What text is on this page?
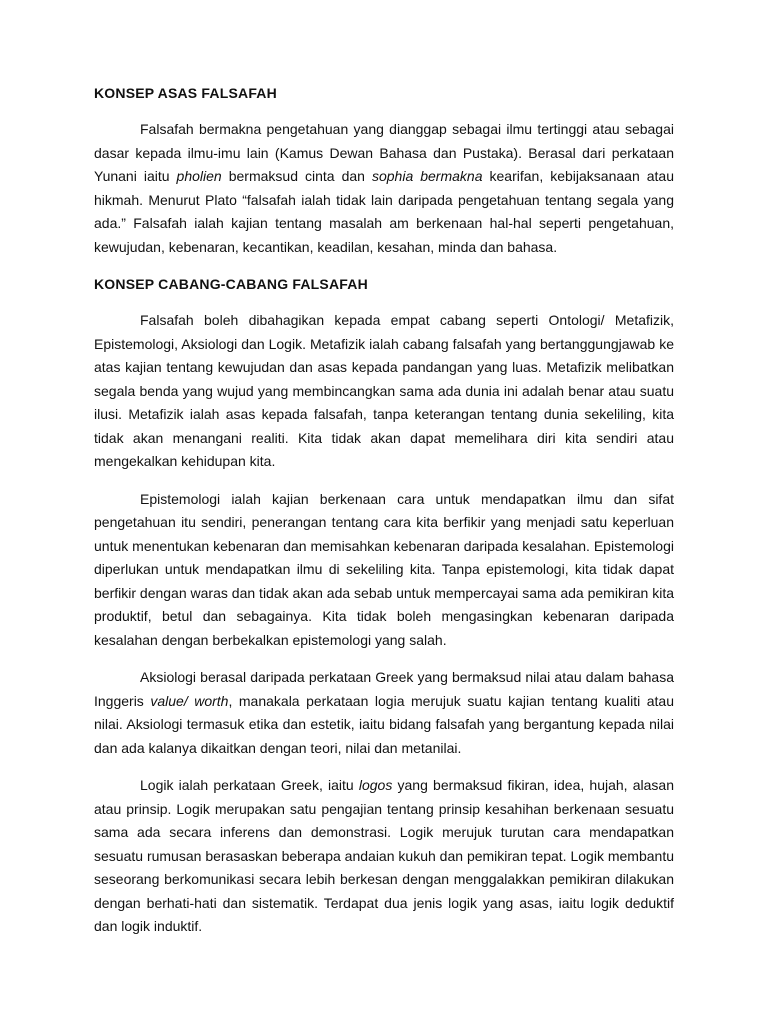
KONSEP ASAS FALSAFAH

Falsafah bermakna pengetahuan yang dianggap sebagai ilmu tertinggi atau sebagai dasar kepada ilmu-imu lain (Kamus Dewan Bahasa dan Pustaka). Berasal dari perkataan Yunani iaitu pholien bermaksud cinta dan sophia bermakna kearifan, kebijaksanaan atau hikmah. Menurut Plato “falsafah ialah tidak lain daripada pengetahuan tentang segala yang ada.” Falsafah ialah kajian tentang masalah am berkenaan hal-hal seperti pengetahuan, kewujudan, kebenaran, kecantikan, keadilan, kesahan, minda dan bahasa.

KONSEP CABANG-CABANG FALSAFAH

Falsafah boleh dibahagikan kepada empat cabang seperti Ontologi/ Metafizik, Epistemologi, Aksiologi dan Logik. Metafizik ialah cabang falsafah yang bertanggungjawab ke atas kajian tentang kewujudan dan asas kepada pandangan yang luas. Metafizik melibatkan segala benda yang wujud yang membincangkan sama ada dunia ini adalah benar atau suatu ilusi. Metafizik ialah asas kepada falsafah, tanpa keterangan tentang dunia sekeliling, kita tidak akan menangani realiti. Kita tidak akan dapat memelihara diri kita sendiri atau mengekalkan kehidupan kita.

Epistemologi ialah kajian berkenaan cara untuk mendapatkan ilmu dan sifat pengetahuan itu sendiri, penerangan tentang cara kita berfikir yang menjadi satu keperluan untuk menentukan kebenaran dan memisahkan kebenaran daripada kesalahan. Epistemologi diperlukan untuk mendapatkan ilmu di sekeliling kita. Tanpa epistemologi, kita tidak dapat berfikir dengan waras dan tidak akan ada sebab untuk mempercayai sama ada pemikiran kita produktif, betul dan sebagainya. Kita tidak boleh mengasingkan kebenaran daripada kesalahan dengan berbekalkan epistemologi yang salah.

Aksiologi berasal daripada perkataan Greek yang bermaksud nilai atau dalam bahasa Inggeris value/ worth, manakala perkataan logia merujuk suatu kajian tentang kualiti atau nilai. Aksiologi termasuk etika dan estetik, iaitu bidang falsafah yang bergantung kepada nilai dan ada kalanya dikaitkan dengan teori, nilai dan metanilai.

Logik ialah perkataan Greek, iaitu logos yang bermaksud fikiran, idea, hujah, alasan atau prinsip. Logik merupakan satu pengajian tentang prinsip kesahihan berkenaan sesuatu sama ada secara inferens dan demonstrasi. Logik merujuk turutan cara mendapatkan sesuatu rumusan berasaskan beberapa andaian kukuh dan pemikiran tepat. Logik membantu seseorang berkomunikasi secara lebih berkesan dengan menggalakkan pemikiran dilakukan dengan berhati-hati dan sistematik. Terdapat dua jenis logik yang asas, iaitu logik deduktif dan logik induktif.
